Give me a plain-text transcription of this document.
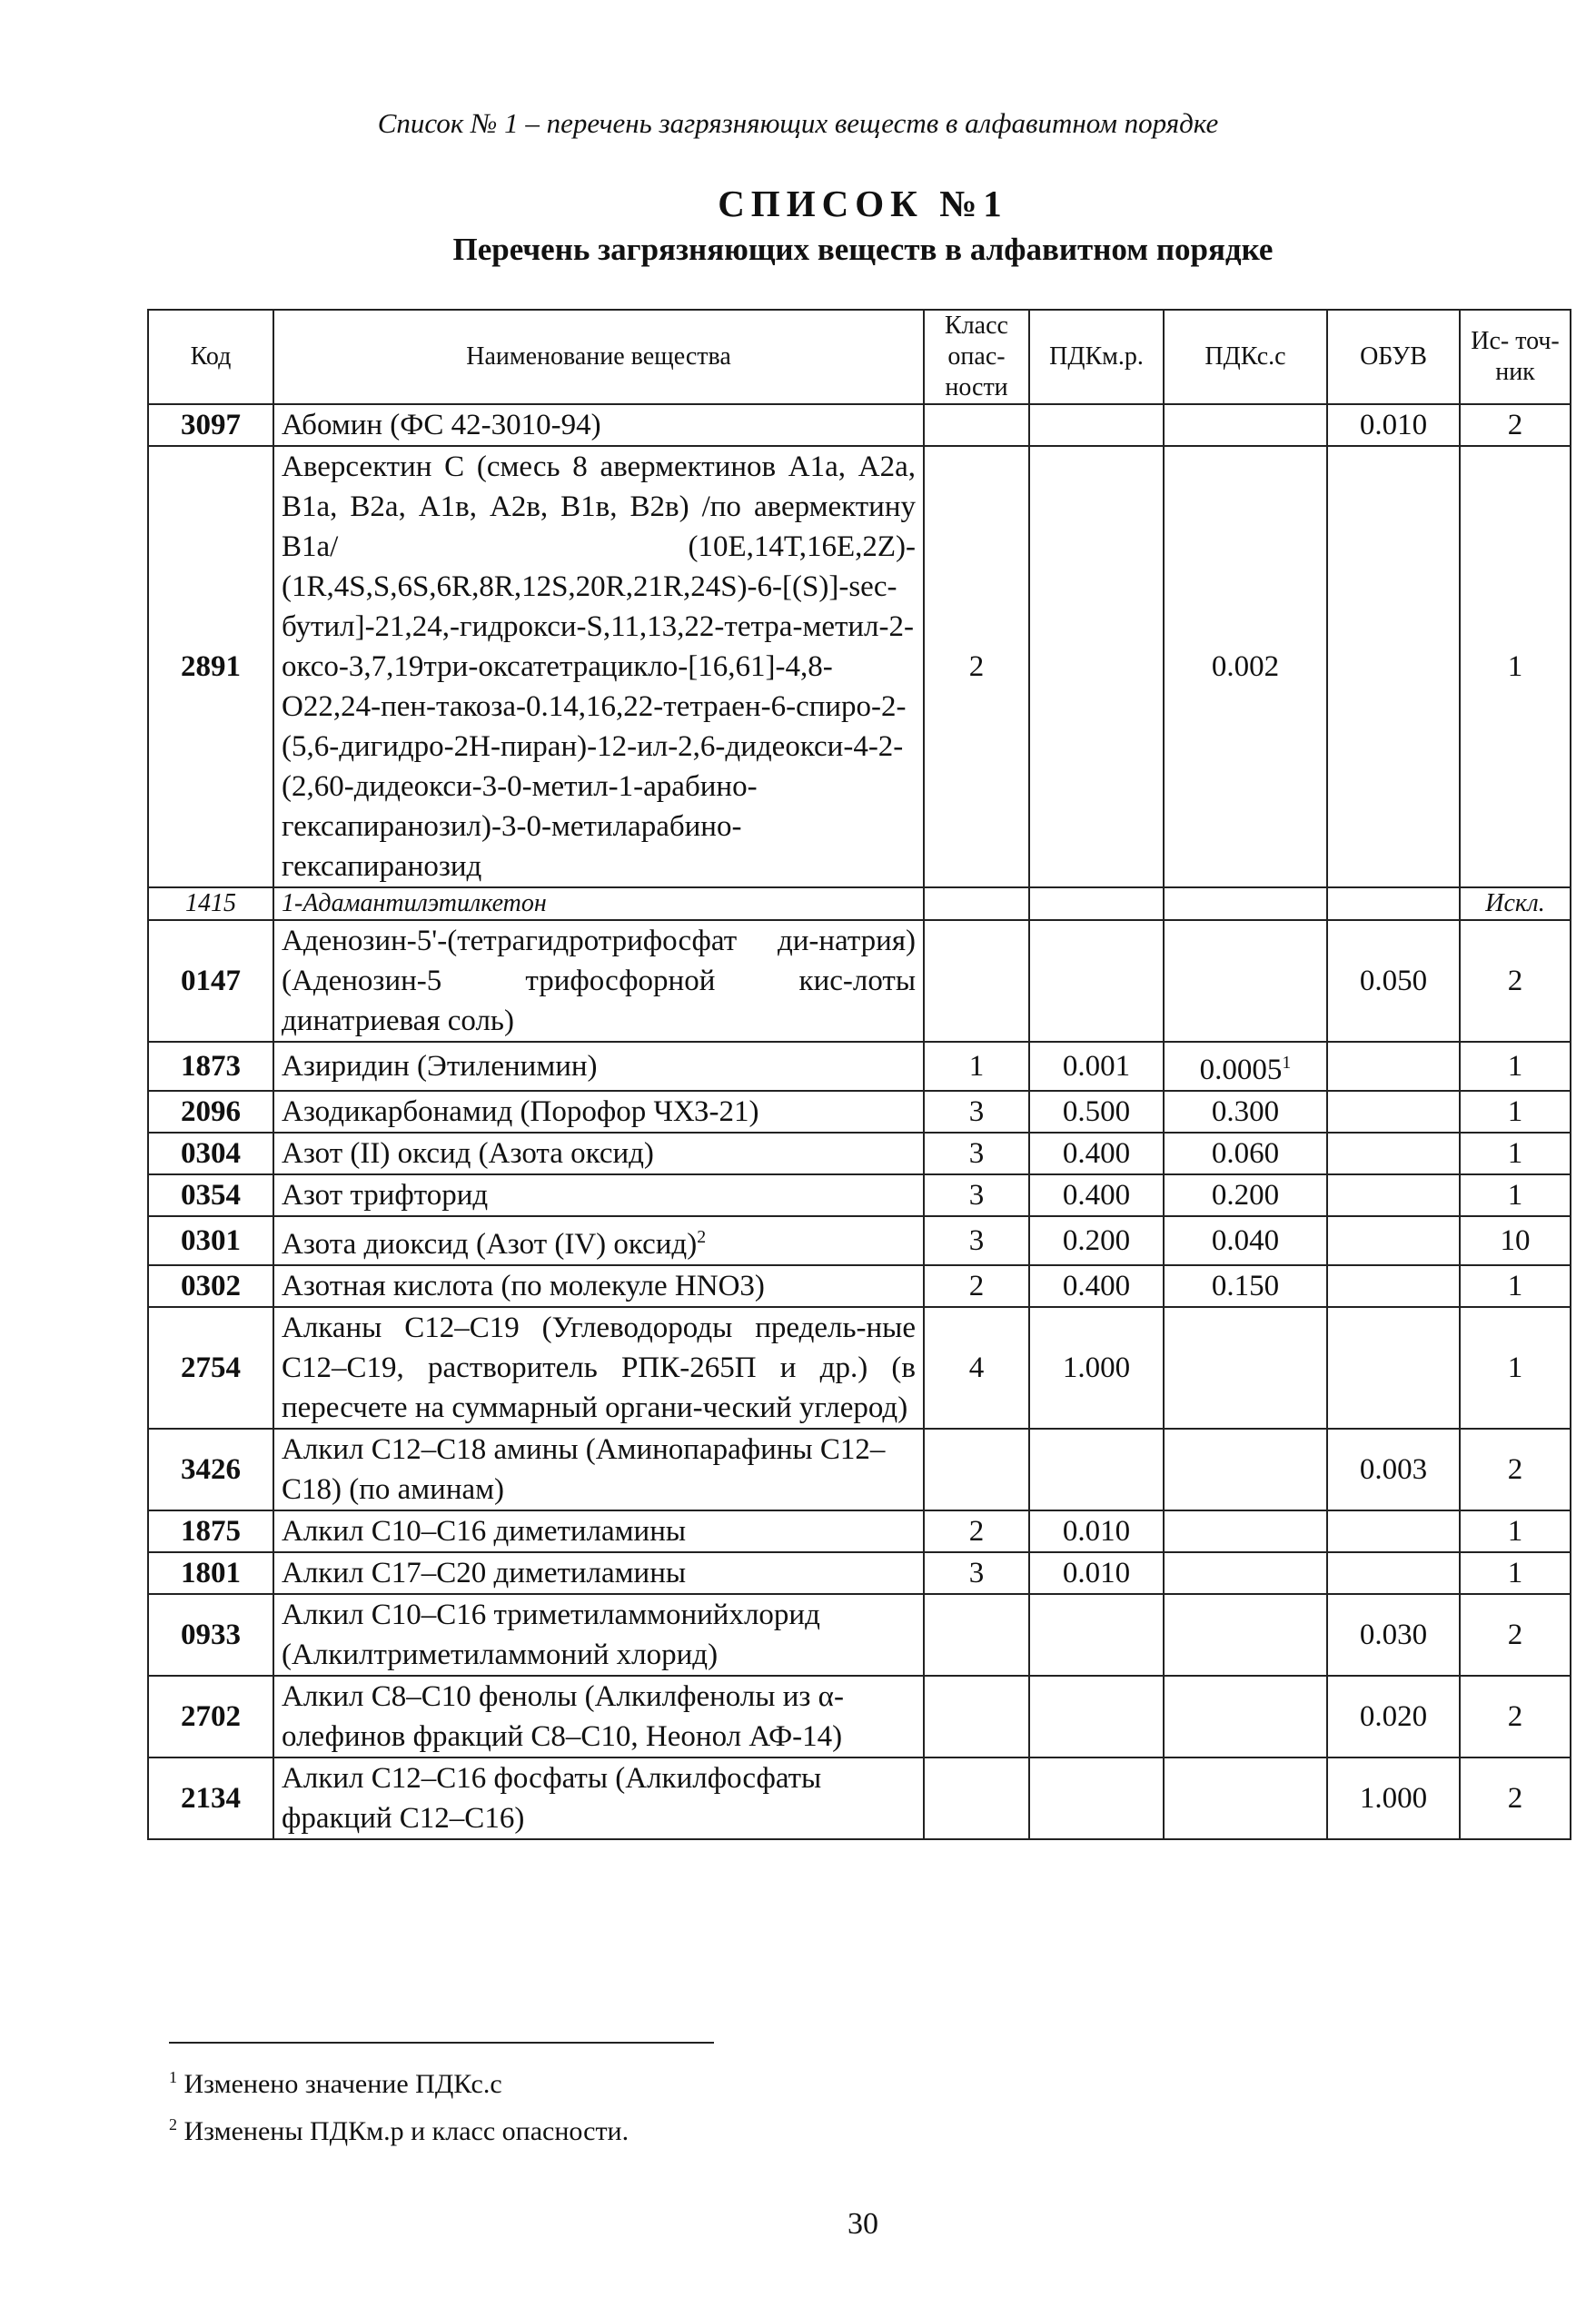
Список № 1 – перечень загрязняющих веществ в алфавитном порядке
СПИСОК №1
Перечень загрязняющих веществ в алфавитном порядке
Код	Наименование вещества	Класс опас- ности	ПДКм.р.	ПДКс.с	ОБУВ	Ис- точ- ник
3097	Абомин (ФС 42-3010-94)				0.010	2
2891	Аверсектин С (смесь 8 авермектинов А1а, А2а, В1а, В2а, А1в, А2в, В1в, В2в) /по авермектину В1а/ (10Е,14Т,16Е,2Z)-(1R,4S,S,6S,6R,8R,12S,20R,21R,24S)-6-[(S)]-sec-бутил]-21,24,-гидрокси-S,11,13,22-тетра-метил-2-оксо-3,7,19три-оксатетрацикло-[16,61]-4,8-O22,24-пен-такоза-0.14,16,22-тетраен-6-спиро-2-(5,6-дигидро-2Н-пиран)-12-ил-2,6-дидеокси-4-2-(2,60-дидеокси-3-0-метил-1-арабино-гексапиранозил)-3-0-метиларабино-гексапиранозид	2		0.002		1
1415	1-Адамантилэтилкетон					Искл.
0147	Аденозин-5'-(тетрагидротрифосфат ди-натрия) (Аденозин-5 трифосфорной кис-лоты динатриевая соль)				0.050	2
1873	Азиридин (Этиленимин)	1	0.001	0.0005$^1$		1
2096	Азодикарбонамид (Порофор ЧХЗ-21)	3	0.500	0.300		1
0304	Азот (II) оксид (Азота оксид)	3	0.400	0.060		1
0354	Азот трифторид	3	0.400	0.200		1
0301	Азота диоксид (Азот (IV) оксид)$^2$	3	0.200	0.040		10
0302	Азотная кислота (по молекуле HNO3)	2	0.400	0.150		1
2754	Алканы C12–C19 (Углеводороды предель-ные C12–C19, растворитель РПК-265П и др.) (в пересчете на суммарный органи-ческий углерод)	4	1.000			1
3426	Алкил C12–C18 амины (Аминопарафины C12–C18) (по аминам)				0.003	2
1875	Алкил C10–C16 диметиламины	2	0.010			1
1801	Алкил C17–C20 диметиламины	3	0.010			1
0933	Алкил C10–C16 триметиламмонийхлорид (Алкилтриметиламмоний хлорид)				0.030	2
2702	Алкил C8–C10 фенолы (Алкилфенолы из α-олефинов фракций C8–C10, Неонол АФ-14)				0.020	2
2134	Алкил C12–C16 фосфаты (Алкилфосфаты фракций C12–C16)				1.000	2
$^1$ Изменено значение ПДКс.с
$^2$ Изменены ПДКм.р и класс опасности.
30
